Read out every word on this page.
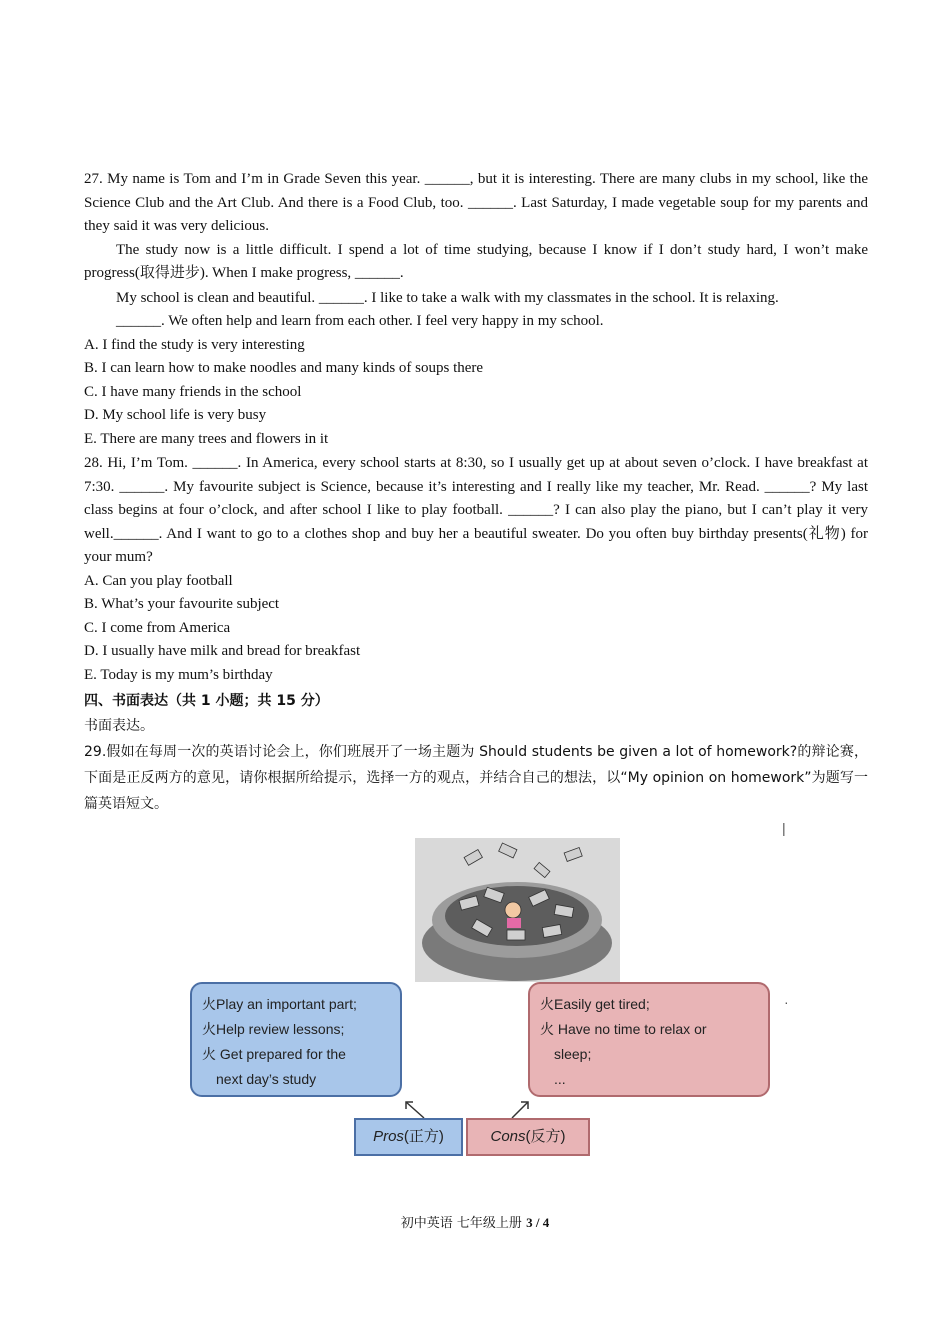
27. My name is Tom and I’m in Grade Seven this year. ______, but it is interesting. There are many clubs in my school, like the Science Club and the Art Club. And there is a Food Club, too. ______. Last Saturday, I made vegetable soup for my parents and they said it was very delicious.

The study now is a little difficult. I spend a lot of time studying, because I know if I don’t study hard, I won’t make progress(取得进步). When I make progress, ______.

My school is clean and beautiful. ______. I like to take a walk with my classmates in the school. It is relaxing.

______. We often help and learn from each other. I feel very happy in my school.

A. I find the study is very interesting

B. I can learn how to make noodles and many kinds of soups there

C. I have many friends in the school

D. My school life is very busy

E. There are many trees and flowers in it

28. Hi, I’m Tom. ______. In America, every school starts at 8:30, so I usually get up at about seven o’clock. I have breakfast at 7:30. ______. My favourite subject is Science, because it’s interesting and I really like my teacher, Mr. Read. ______? My last class begins at four o’clock, and after school I like to play football. ______? I can also play the piano, but I can’t play it very well.______. And I want to go to a clothes shop and buy her a beautiful sweater. Do you often buy birthday presents(礼物) for your mum?

A. Can you play football

B. What’s your favourite subject

C. I come from America

D. I usually have milk and bread for breakfast

E. Today is my mum’s birthday

四、书面表达（共 1 小题；共 15 分）

书面表达。

29.假如在每周一次的英语讨论会上，你们班展开了一场主题为 Should students be given a lot of homework?的辩论赛，下面是正反两方的意见，请你根据所给提示，选择一方的观点，并结合自己的想法，以“My opinion on homework”为题写一篇英语短文。

|
·
火Play an important part;
火Help review lessons;
火 Get prepared for the
next day’s study
火Easily get tired;
火 Have no time to relax or
sleep;
...
Pros(正方)	Cons(反方)
初中英语 七年级上册 3 / 4
